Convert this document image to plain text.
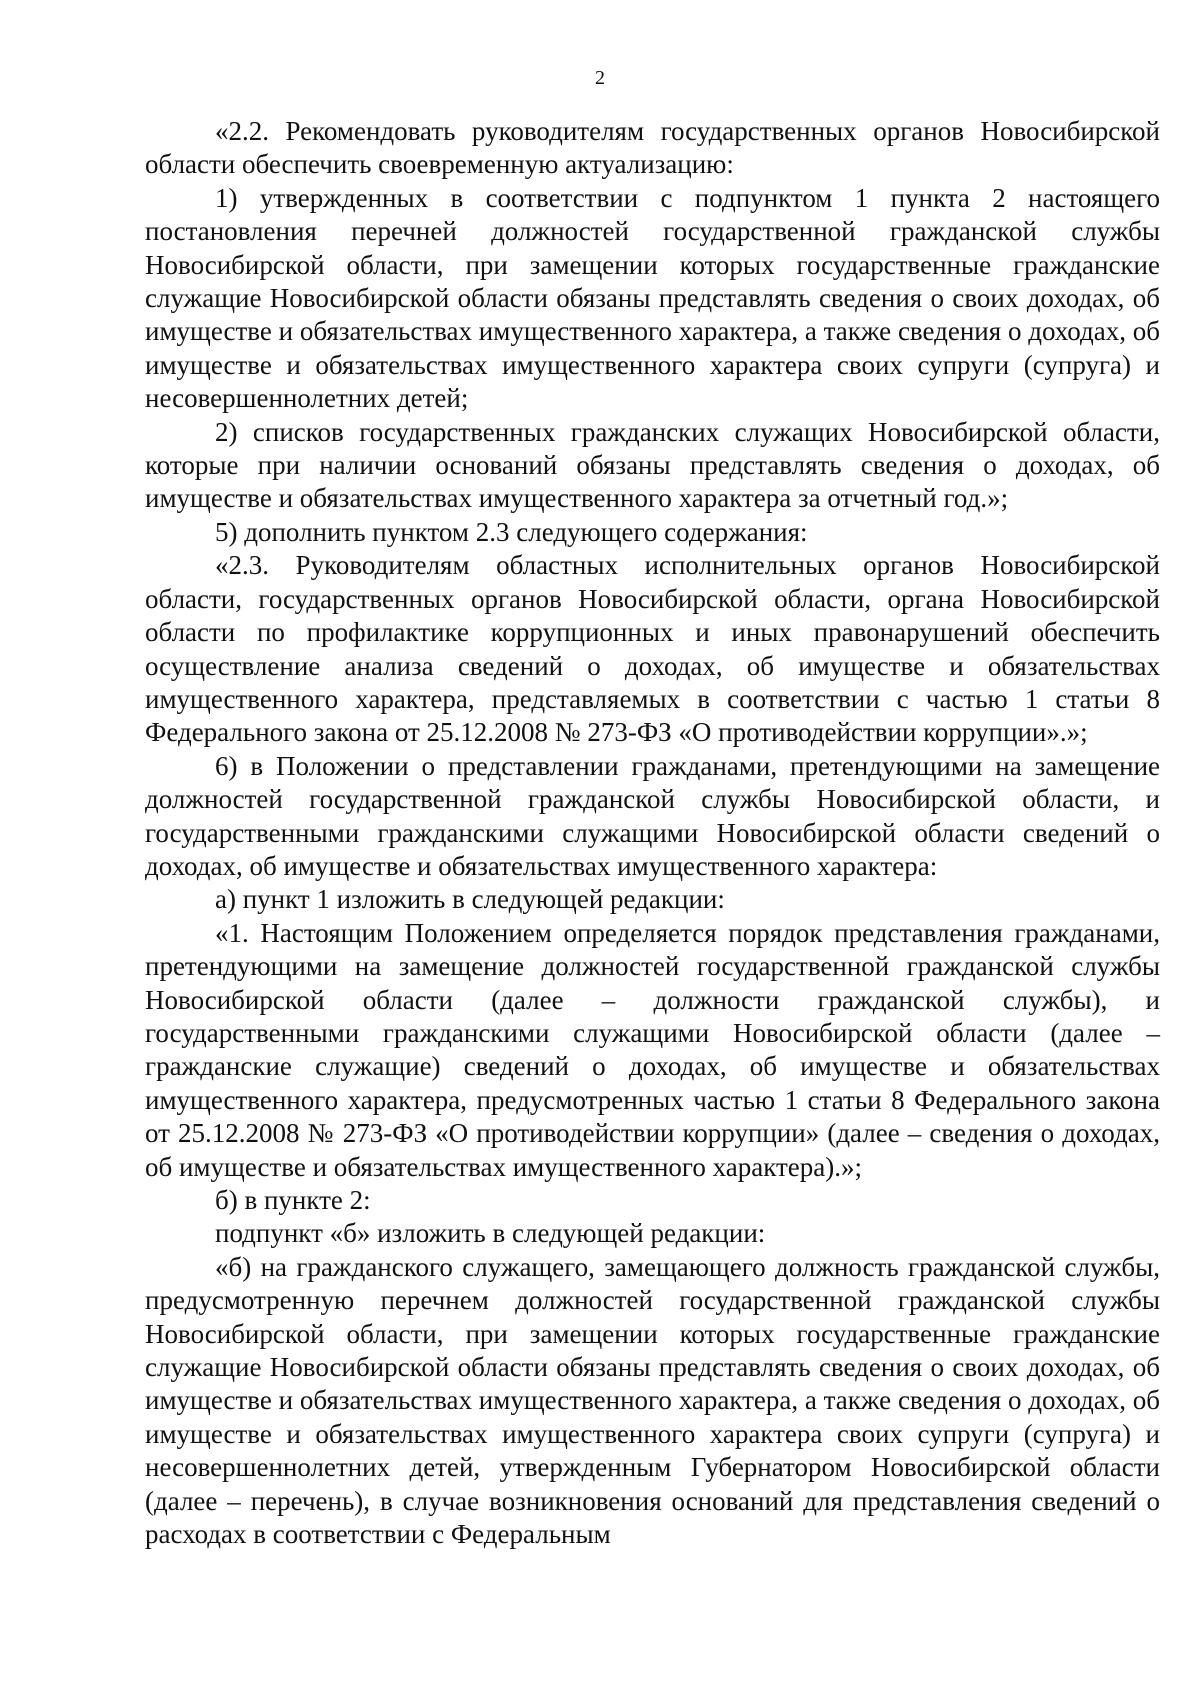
2

«2.2. Рекомендовать руководителям государственных органов Новосибирской области обеспечить своевременную актуализацию:

1) утвержденных в соответствии с подпунктом 1 пункта 2 настоящего постановления перечней должностей государственной гражданской службы Новосибирской области, при замещении которых государственные гражданские служащие Новосибирской области обязаны представлять сведения о своих доходах, об имуществе и обязательствах имущественного характера, а также сведения о доходах, об имуществе и обязательствах имущественного характера своих супруги (супруга) и несовершеннолетних детей;

2) списков государственных гражданских служащих Новосибирской области, которые при наличии оснований обязаны представлять сведения о доходах, об имуществе и обязательствах имущественного характера за отчетный год.»;

5) дополнить пунктом 2.3 следующего содержания:

«2.3. Руководителям областных исполнительных органов Новосибирской области, государственных органов Новосибирской области, органа Новосибирской области по профилактике коррупционных и иных правонарушений обеспечить осуществление анализа сведений о доходах, об имуществе и обязательствах имущественного характера, представляемых в соответствии с частью 1 статьи 8 Федерального закона от 25.12.2008 № 273-ФЗ «О противодействии коррупции».»;

6) в Положении о представлении гражданами, претендующими на замещение должностей государственной гражданской службы Новосибирской области, и государственными гражданскими служащими Новосибирской области сведений о доходах, об имуществе и обязательствах имущественного характера:

а) пункт 1 изложить в следующей редакции:

«1. Настоящим Положением определяется порядок представления гражданами, претендующими на замещение должностей государственной гражданской службы Новосибирской области (далее – должности гражданской службы), и государственными гражданскими служащими Новосибирской области (далее – гражданские служащие) сведений о доходах, об имуществе и обязательствах имущественного характера, предусмотренных частью 1 статьи 8 Федерального закона от 25.12.2008 № 273-ФЗ «О противодействии коррупции» (далее – сведения о доходах, об имуществе и обязательствах имущественного характера).»;

б) в пункте 2:

подпункт «б» изложить в следующей редакции:

«б) на гражданского служащего, замещающего должность гражданской службы, предусмотренную перечнем должностей государственной гражданской службы Новосибирской области, при замещении которых государственные гражданские служащие Новосибирской области обязаны представлять сведения о своих доходах, об имуществе и обязательствах имущественного характера, а также сведения о доходах, об имуществе и обязательствах имущественного характера своих супруги (супруга) и несовершеннолетних детей, утвержденным Губернатором Новосибирской области (далее – перечень), в случае возникновения оснований для представления сведений о расходах в соответствии с Федеральным
